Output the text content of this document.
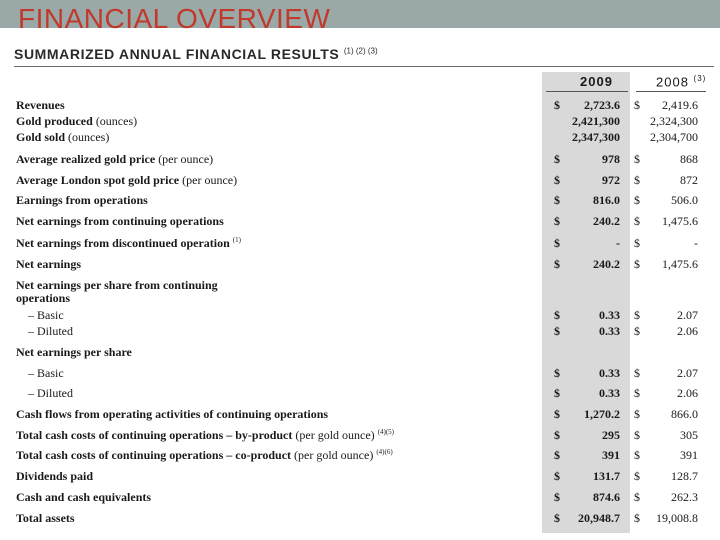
FINANCIAL OVERVIEW
SUMMARIZED ANNUAL FINANCIAL RESULTS $^{(1) (2) (3)}$
2009	2008 $^{(3)}$
Revenues	$ 2,723.6 $ 2,419.6
Gold produced (ounces)	2,421,300	2,324,300
Gold sold (ounces)	2,347,300	2,304,700
Average realized gold price (per ounce)	$	978 $	868
Average London spot gold price (per ounce)	$	972 $	872
Earnings from operations	$	816.0 $	506.0
Net earnings from continuing operations	$	240.2 $ 1,475.6
Net earnings from discontinued operation $^{(1)}$	$	- $	-
Net earnings	$	240.2 $ 1,475.6
Net earnings per share from continuing
operations
– Basic	$	0.33 $	2.07
– Diluted	$	0.33 $	2.06
Net earnings per share
– Basic	$	0.33 $	2.07
– Diluted	$	0.33 $	2.06
Cash flows from operating activities of continuing operations	$ 1,270.2 $	866.0
Total cash costs of continuing operations – by-product (per gold ounce) $^{(4)(5)}$	$	295 $	305
Total cash costs of continuing operations – co-product (per gold ounce) $^{(4)(6)}$	$	391 $	391
Dividends paid	$	131.7 $	128.7
Cash and cash equivalents	$	874.6 $	262.3
Total assets	$ 20,948.7 $ 19,008.8
